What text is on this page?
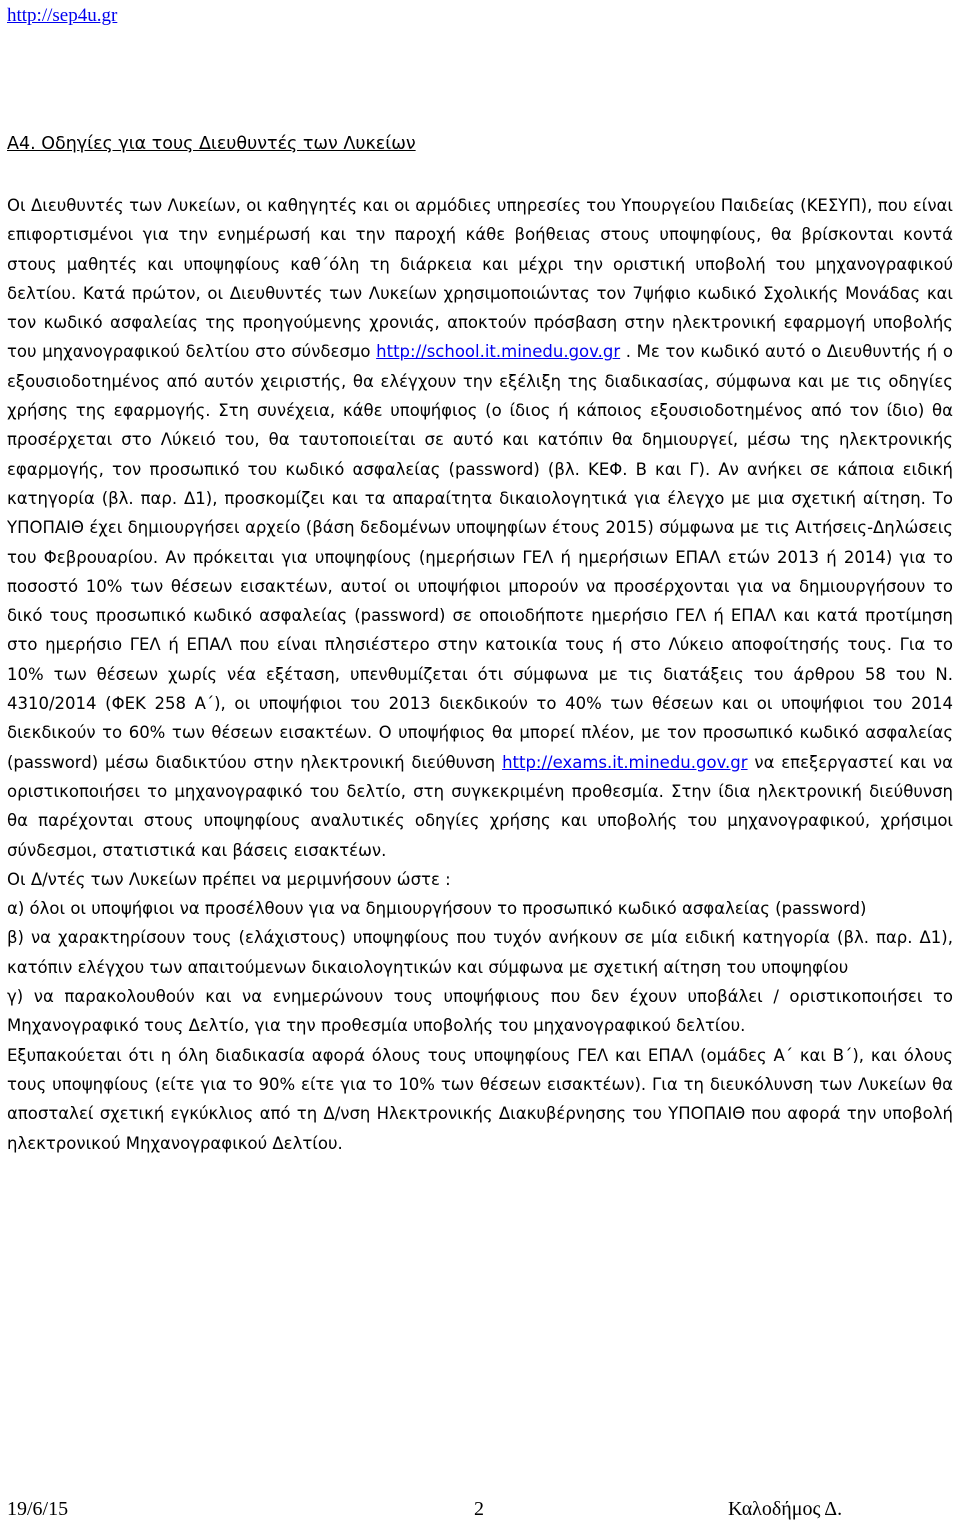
http://sep4u.gr
Α4. Οδηγίες για τους Διευθυντές των Λυκείων

Οι Διευθυντές των Λυκείων, οι καθηγητές και οι αρμόδιες υπηρεσίες του Υπουργείου Παιδείας (ΚΕΣΥΠ), που είναι επιφορτισμένοι για την ενημέρωσή και την παροχή κάθε βοήθειας στους υποψηφίους, θα βρίσκονται κοντά στους μαθητές και υποψηφίους καθ΄όλη τη διάρκεια και μέχρι την οριστική υποβολή του μηχανογραφικού δελτίου. Κατά πρώτον, οι Διευθυντές των Λυκείων χρησιμοποιώντας τον 7ψήφιο κωδικό Σχολικής Μονάδας και τον κωδικό ασφαλείας της προηγούμενης χρονιάς, αποκτούν πρόσβαση στην ηλεκτρονική εφαρμογή υποβολής του μηχανογραφικού δελτίου στο σύνδεσμο http://school.it.minedu.gov.gr . Με τον κωδικό αυτό ο Διευθυντής ή ο εξουσιοδοτημένος από αυτόν χειριστής, θα ελέγχουν την εξέλιξη της διαδικασίας, σύμφωνα και με τις οδηγίες χρήσης της εφαρμογής. Στη συνέχεια, κάθε υποψήφιος (ο ίδιος ή κάποιος εξουσιοδοτημένος από τον ίδιο) θα προσέρχεται στο Λύκειό του, θα ταυτοποιείται σε αυτό και κατόπιν θα δημιουργεί, μέσω της ηλεκτρονικής εφαρμογής, τον προσωπικό του κωδικό ασφαλείας (password) (βλ. ΚΕΦ. Β και Γ). Αν ανήκει σε κάποια ειδική κατηγορία (βλ. παρ. Δ1), προσκομίζει και τα απαραίτητα δικαιολογητικά για έλεγχο με μια σχετική αίτηση. Το ΥΠΟΠΑΙΘ έχει δημιουργήσει αρχείο (βάση δεδομένων υποψηφίων έτους 2015) σύμφωνα με τις Αιτήσεις-Δηλώσεις του Φεβρουαρίου. Αν πρόκειται για υποψηφίους (ημερήσιων ΓΕΛ ή ημερήσιων ΕΠΑΛ ετών 2013 ή 2014) για το ποσοστό 10% των θέσεων εισακτέων, αυτοί οι υποψήφιοι μπορούν να προσέρχονται για να δημιουργήσουν το δικό τους προσωπικό κωδικό ασφαλείας (password) σε οποιοδήποτε ημερήσιο ΓΕΛ ή ΕΠΑΛ και κατά προτίμηση στο ημερήσιο ΓΕΛ ή ΕΠΑΛ που είναι πλησιέστερο στην κατοικία τους ή στο Λύκειο αποφοίτησής τους. Για το 10% των θέσεων χωρίς νέα εξέταση, υπενθυμίζεται ότι σύμφωνα με τις διατάξεις του άρθρου 58 του Ν. 4310/2014 (ΦΕΚ 258 Α΄), οι υποψήφιοι του 2013 διεκδικούν το 40% των θέσεων και οι υποψήφιοι του 2014 διεκδικούν το 60% των θέσεων εισακτέων. Ο υποψήφιος θα μπορεί πλέον, με τον προσωπικό κωδικό ασφαλείας (password) μέσω διαδικτύου στην ηλεκτρονική διεύθυνση http://exams.it.minedu.gov.gr να επεξεργαστεί και να οριστικοποιήσει το μηχανογραφικό του δελτίο, στη συγκεκριμένη προθεσμία. Στην ίδια ηλεκτρονική διεύθυνση θα παρέχονται στους υποψηφίους αναλυτικές οδηγίες χρήσης και υποβολής του μηχανογραφικού, χρήσιμοι σύνδεσμοι, στατιστικά και βάσεις εισακτέων.

Οι Δ/ντές των Λυκείων πρέπει να μεριμνήσουν ώστε :

α) όλοι οι υποψήφιοι να προσέλθουν για να δημιουργήσουν το προσωπικό κωδικό ασφαλείας (password)

β) να χαρακτηρίσουν τους (ελάχιστους) υποψηφίους που τυχόν ανήκουν σε μία ειδική κατηγορία (βλ. παρ. Δ1), κατόπιν ελέγχου των απαιτούμενων δικαιολογητικών και σύμφωνα με σχετική αίτηση του υποψηφίου

γ) να παρακολουθούν και να ενημερώνουν τους υποψήφιους που δεν έχουν υποβάλει / οριστικοποιήσει το Μηχανογραφικό τους Δελτίο, για την προθεσμία υποβολής του μηχανογραφικού δελτίου.

Εξυπακούεται ότι η όλη διαδικασία αφορά όλους τους υποψηφίους ΓΕΛ και ΕΠΑΛ (ομάδες Α΄ και Β΄), και όλους τους υποψηφίους (είτε για το 90% είτε για το 10% των θέσεων εισακτέων). Για τη διευκόλυνση των Λυκείων θα αποσταλεί σχετική εγκύκλιος από τη Δ/νση Ηλεκτρονικής Διακυβέρνησης του ΥΠΟΠΑΙΘ που αφορά την υποβολή ηλεκτρονικού Μηχανογραφικού Δελτίου.

19/6/15	2	Καλοδήμος Δ.
